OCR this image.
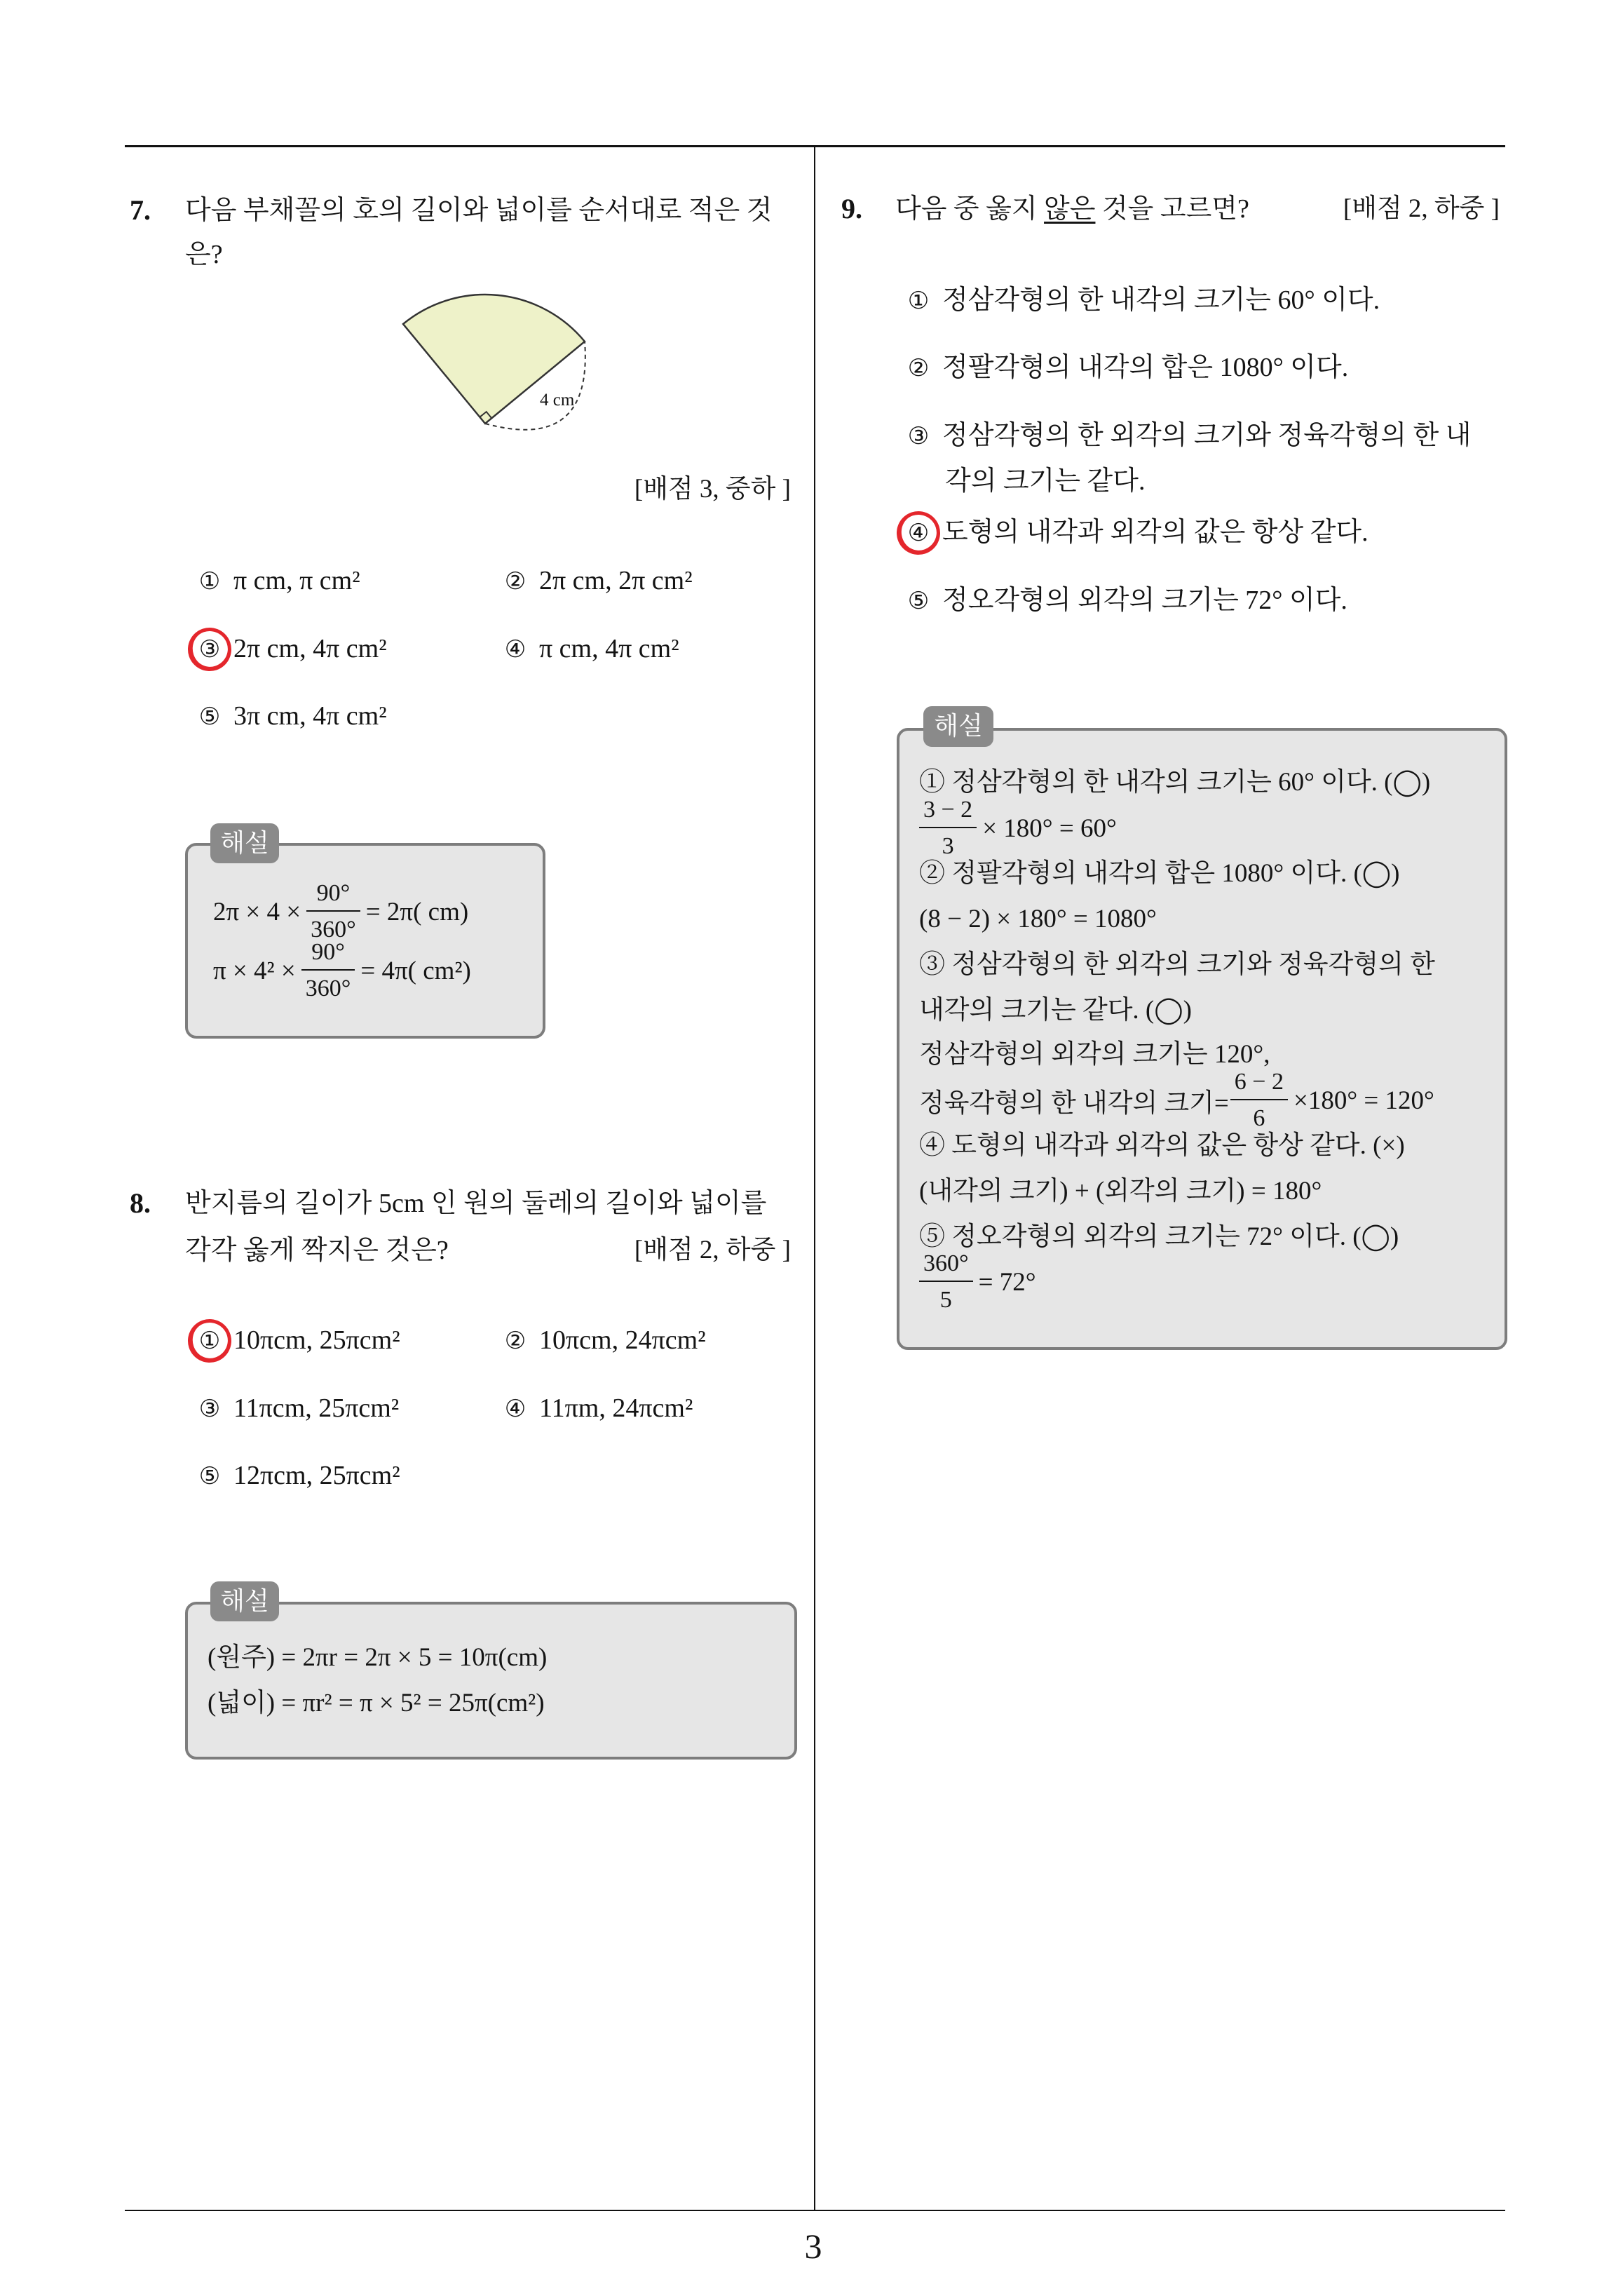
7. 다음 부채꼴의 호의 길이와 넓이를 순서대로 적은 것
은?
4 cm
[배점 3, 중하 ]
① π cm, π cm²	② 2π cm, 2π cm²
③ 2π cm, 4π cm²	④ π cm, 4π cm²
⑤ 3π cm, 4π cm²
해설
$2\pi \times 4 \times \frac{90^\circ}{360^\circ} = 2\pi$( cm)
$\pi \times 4^2 \times \frac{90^\circ}{360^\circ} = 4\pi$( cm²)
8. 반지름의 길이가 5cm 인 원의 둘레의 길이와 넓이를
각각 옳게 짝지은 것은?	[배점 2, 하중 ]
① 10πcm, 25πcm²	② 10πcm, 24πcm²
③ 11πcm, 25πcm²	④ 11πm, 24πcm²
⑤ 12πcm, 25πcm²
해설
(원주) = 2πr = 2π × 5 = 10π(cm)
(넓이) = πr² = π × 5² = 25π(cm²)
9. 다음 중 옳지 않은 것을 고르면?	[배점 2, 하중 ]
① 정삼각형의 한 내각의 크기는 60° 이다.
② 정팔각형의 내각의 합은 1080° 이다.
③ 정삼각형의 한 외각의 크기와 정육각형의 한 내
각의 크기는 같다.
④ 도형의 내각과 외각의 값은 항상 같다.
⑤ 정오각형의 외각의 크기는 72° 이다.
해설
① 정삼각형의 한 내각의 크기는 60° 이다. (◯)
$\frac{3 - 2}{3} \times 180^\circ = 60^\circ$
② 정팔각형의 내각의 합은 1080° 이다. (◯)
(8 − 2) × 180° = 1080°
③ 정삼각형의 한 외각의 크기와 정육각형의 한
내각의 크기는 같다. (◯)
정삼각형의 외각의 크기는 120°,
정육각형의 한 내각의 크기= $\frac{6 - 2}{6} \times 180^\circ = 120^\circ$
④ 도형의 내각과 외각의 값은 항상 같다. (×)
(내각의 크기) + (외각의 크기) = 180°
⑤ 정오각형의 외각의 크기는 72° 이다. (◯)
$\frac{360^\circ}{5} = 72^\circ$
3
